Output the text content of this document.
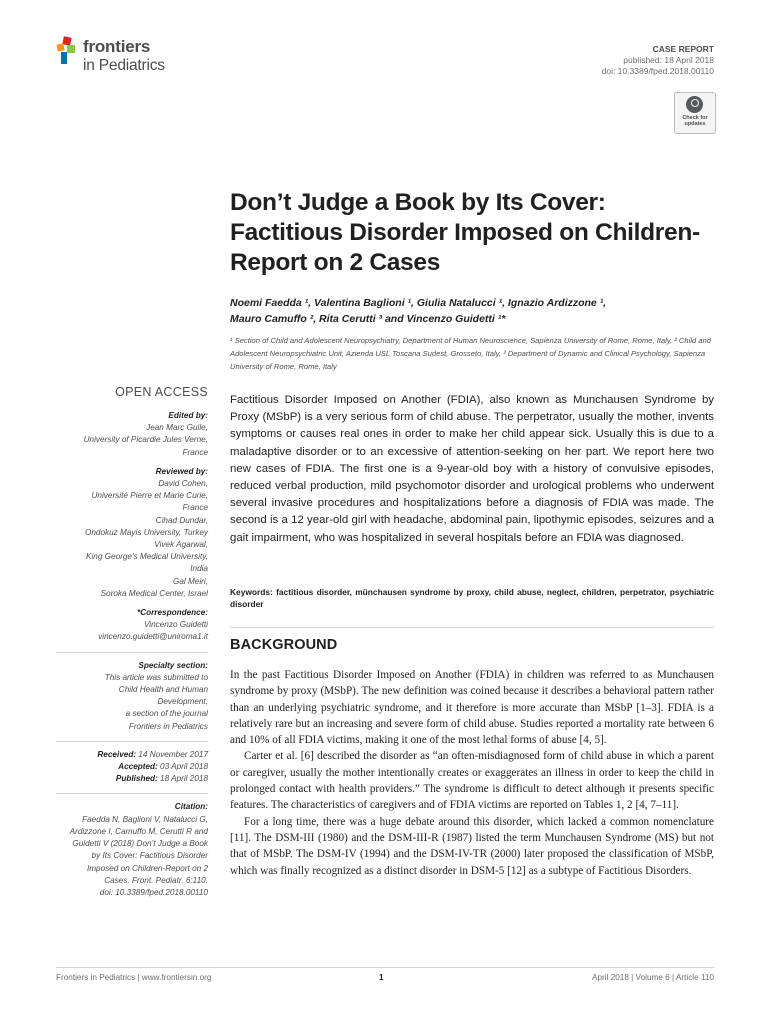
frontiers
in Pediatrics
CASE REPORT
published: 18 April 2018
doi: 10.3389/fped.2018.00110
Check for
updates
Don’t Judge a Book by Its Cover: Factitious Disorder Imposed on Children-Report on 2 Cases
Noemi Faedda ¹, Valentina Baglioni ¹, Giulia Natalucci ¹, Ignazio Ardizzone ¹,
Mauro Camuffo ², Rita Cerutti ³ and Vincenzo Guidetti ¹*
¹ Section of Child and Adolescent Neuropsychiatry, Department of Human Neuroscience, Sapienza University of Rome, Rome, Italy, ² Child and Adolescent Neuropsychiatric Unit, Azienda USL Toscana Sudest, Grosseto, Italy, ³ Department of Dynamic and Clinical Psychology, Sapienza University of Rome, Rome, Italy
OPEN ACCESS
Edited by:
Jean Marc Guile,
University of Picardie Jules Verne,
France
Reviewed by:
David Cohen,
Université Pierre et Marie Curie,
France
Cihad Dundar,
Ondokuz Mayis University, Turkey
Vivek Agarwal,
King George's Medical University,
India
Gal Meiri,
Soroka Medical Center, Israel
*Correspondence:
Vincenzo Guidetti
vincenzo.guidetti@uniroma1.it
Specialty section:
This article was submitted to
Child Health and Human
Development,
a section of the journal
Frontiers in Pediatrics
Received: 14 November 2017
Accepted: 03 April 2018
Published: 18 April 2018
Citation:
Faedda N, Baglioni V, Natalucci G,
Ardizzone I, Camuffo M, Cerutti R and
Guidetti V (2018) Don’t Judge a Book
by Its Cover: Factitious Disorder
Imposed on Children-Report on 2
Cases. Front. Pediatr. 6:110.
doi: 10.3389/fped.2018.00110
Factitious Disorder Imposed on Another (FDIA), also known as Munchausen Syndrome by Proxy (MSbP) is a very serious form of child abuse. The perpetrator, usually the mother, invents symptoms or causes real ones in order to make her child appear sick. Usually this is due to a maladaptive disorder or to an excessive of attention-seeking on her part. We report here two new cases of FDIA. The first one is a 9-year-old boy with a history of convulsive episodes, reduced verbal production, mild psychomotor disorder and urological problems who underwent several invasive procedures and hospitalizations before a diagnosis of FDIA was made. The second is a 12 year-old girl with headache, abdominal pain, lipothymic episodes, seizures and a gait impairment, who was hospitalized in several hospitals before an FDIA was diagnosed.
Keywords: factitious disorder, münchausen syndrome by proxy, child abuse, neglect, children, perpetrator, psychiatric disorder
BACKGROUND

In the past Factitious Disorder Imposed on Another (FDIA) in children was referred to as Munchausen syndrome by proxy (MSbP). The new definition was coined because it describes a behavioral pattern rather than an underlying psychiatric syndrome, and it therefore is more accurate than MSbP [1–3]. FDIA is a relatively rare but an increasing and severe form of child abuse. Studies reported a mortality rate between 6 and 10% of all FDIA victims, making it one of the most lethal forms of abuse [4, 5].

Carter et al. [6] described the disorder as “an often-misdiagnosed form of child abuse in which a parent or caregiver, usually the mother intentionally creates or exaggerates an illness in order to keep the child in prolonged contact with health providers.” The syndrome is difficult to detect although it presents specific features. The characteristics of caregivers and of FDIA victims are reported on Tables 1, 2 [4, 7–11].

For a long time, there was a huge debate around this disorder, which lacked a common nomenclature [11]. The DSM-III (1980) and the DSM-III-R (1987) listed the term Munchausen Syndrome (MS) but not that of MSbP. The DSM-IV (1994) and the DSM-IV-TR (2000) later proposed the classification of MSbP, which was finally recognized as a distinct disorder in DSM-5 [12] as a subtype of Factitious Disorders.

Frontiers in Pediatrics | www.frontiersin.org	1	April 2018 | Volume 6 | Article 110
